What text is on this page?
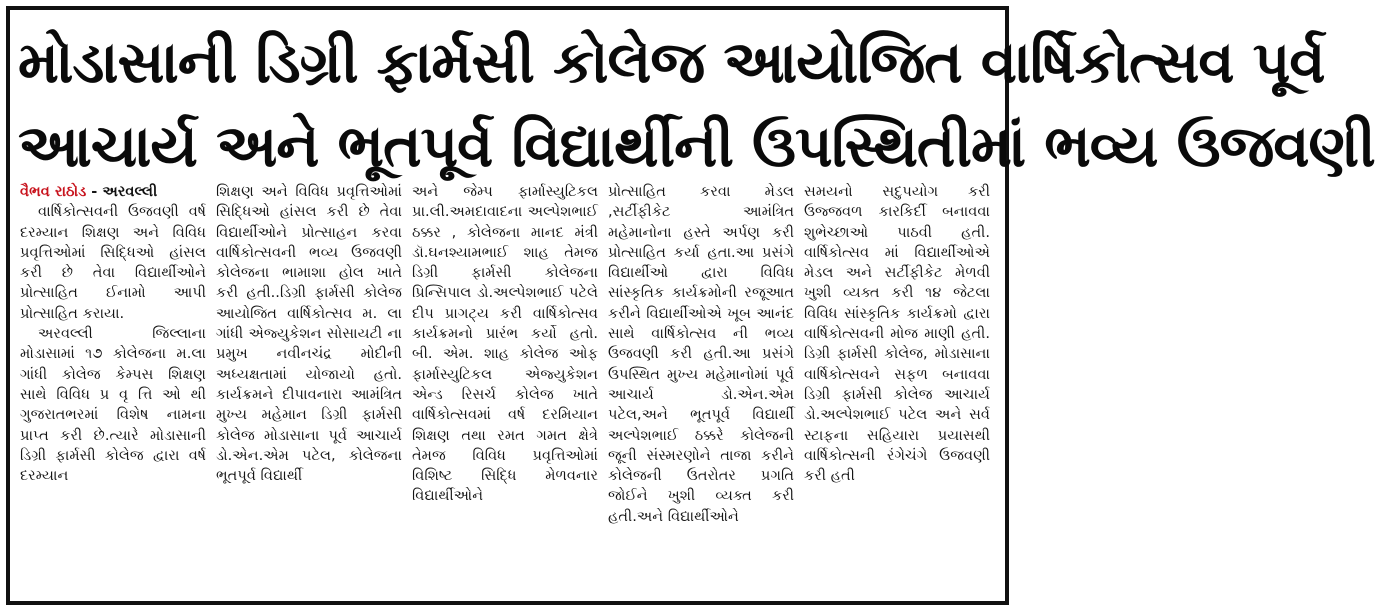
મોડાસાની ડિગ્રી ફાર્મસી કોલેજ આયોજિત વાર્ષિકોત્સવ પૂર્વ
આચાર્ય અને ભૂતપૂર્વ વિદ્યાર્થીની ઉપસ્થિતીમાં ભવ્ય ઉજવણી

વૈભવ રાઠોડ - અરવલ્લી

વાર્ષિકોત્સવની ઉજવણી વર્ષ દરમ્યાન શિક્ષણ અને વિવિધ પ્રવૃત્તિઓમાં સિદ્ધિઓ હાંસલ કરી છે તેવા વિદ્યાર્થીઓને પ્રોત્સાહિત ઈનામો આપી પ્રોત્સાહિત કરાયા.

અરવલ્લી જિલ્લાના મોડાસામાં ૧૭ કોલેજના મ.લા ગાંધી કોલેજ કેમ્પસ શિક્ષણ સાથે વિવિધ પ્ર વૃ ત્તિ ઓ થી ગુજરાતભરમાં વિશેષ નામના પ્રાપ્ત કરી છે.ત્યારે મોડાસાની ડિગ્રી ફાર્મસી કોલેજ દ્વારા વર્ષ દરમ્યાન

શિક્ષણ અને વિવિધ પ્રવૃત્તિઓમાં સિદ્ધિઓ હાંસલ કરી છે તેવા વિદ્યાર્થીઓને પ્રોત્સાહન કરવા વાર્ષિકોત્સવની ભવ્ય ઉજવણી કોલેજના ભામાશા હોલ ખાતે કરી હતી..ડિગ્રી ફાર્મસી કોલેજ આયોજિત વાર્ષિકોત્સવ મ. લા ગાંધી એજ્યુકેશન સોસાયટી ના પ્રમુખ નવીનચંદ્ર મોદીની અધ્યક્ષતામાં યોજાયો હતો. કાર્યક્રમને દીપાવનારા આમંત્રિત મુખ્ય મહેમાન ડિગ્રી ફાર્મસી કોલેજ મોડાસાના પૂર્વ આચાર્ય ડો.એન.એમ પટેલ, કોલેજના ભૂતપૂર્વ વિદ્યાર્થી

અને જેમ્પ ફાર્માસ્યુટિકલ પ્રા.લી.અમદાવાદના અલ્પેશભાઈ ઠક્કર , કોલેજના માનદ મંત્રી ડૉ.ઘનશ્યામભાઈ શાહ તેમજ ડિગ્રી ફાર્મસી કોલેજના પ્રિન્સિપાલ ડો.અલ્પેશભાઈ પટેલે દીપ પ્રાગટ્ય કરી વાર્ષિકોત્સવ કાર્યક્રમનો પ્રારંભ કર્યો હતો. બી. એમ. શાહ કોલેજ ઓફ ફાર્માસ્યુટિકલ એજ્યુકેશન એન્ડ રિસર્ચ કોલેજ ખાતે વાર્ષિકોત્સવમાં વર્ષ દરમિયાન શિક્ષણ તથા રમત ગમત ક્ષેત્રે તેમજ વિવિધ પ્રવૃત્તિઓમાં વિશિષ્ટ સિદ્ધિ મેળવનાર વિદ્યાર્થીઓને

પ્રોત્સાહિત કરવા મેડલ ,સર્ટીફીકેટ આમંત્રિત મહેમાનોના હસ્તે અર્પણ કરી પ્રોત્સાહિત કર્યા હતા.આ પ્રસંગે વિદ્યાર્થીઓ દ્વારા વિવિધ સાંસ્કૃતિક કાર્યક્રમોની રજૂઆત કરીને વિદ્યાર્થીઓએ ખૂબ આનંદ સાથે વાર્ષિકોત્સવ ની ભવ્ય ઉજવણી કરી હતી.આ પ્રસંગે ઉપસ્થિત મુખ્ય મહેમાનોમાં પૂર્વ આચાર્ય ડો.એન.એમ પટેલ,અને ભૂતપૂર્વ વિદ્યાર્થી અલ્પેશભાઈ ઠક્કરે કોલેજની જૂની સંસ્મરણોને તાજા કરીને કોલેજની ઉતરોતર પ્રગતિ જોઈને ખુશી વ્યક્ત કરી હતી.અને વિદ્યાર્થીઓને

સમયનો સદુપયોગ કરી ઉજ્જવળ કારકિર્દી બનાવવા શુભેચ્છાઓ પાઠવી હતી. વાર્ષિકોત્સવ માં વિદ્યાર્થીઓએ મેડલ અને સર્ટીફીકેટ મેળવી ખુશી વ્યક્ત કરી ૧૪ જેટલા વિવિધ સાંસ્કૃતિક કાર્યક્રમો દ્વારા વાર્ષિકોત્સવની મોજ માણી હતી. ડિગ્રી ફાર્મસી કોલેજ, મોડાસાના વાર્ષિકોત્સવને સફળ બનાવવા ડિગ્રી ફાર્મસી કોલેજ આચાર્ય ડો.અલ્પેશભાઈ પટેલ અને સર્વ સ્ટાફના સહિયારા પ્રયાસથી વાર્ષિકોત્સની રંગેચંગે ઉજવણી કરી હતી
